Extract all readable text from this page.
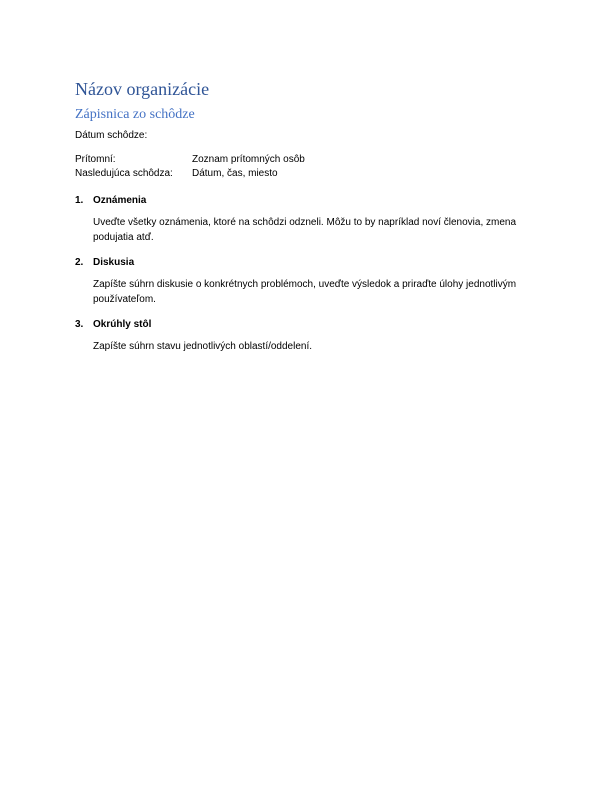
Názov organizácie
Zápisnica zo schôdze
Dátum schôdze:
Prítomní:	Zoznam prítomných osôb
Nasledujúca schôdza: Dátum, čas, miesto
1. Oznámenia
Uveďte všetky oznámenia, ktoré na schôdzi odzneli. Môžu to by napríklad noví členovia, zmena podujatia atď.
2. Diskusia
Zapíšte súhrn diskusie o konkrétnych problémoch, uveďte výsledok a priraďte úlohy jednotlivým používateľom.
3. Okrúhly stôl
Zapíšte súhrn stavu jednotlivých oblastí/oddelení.
